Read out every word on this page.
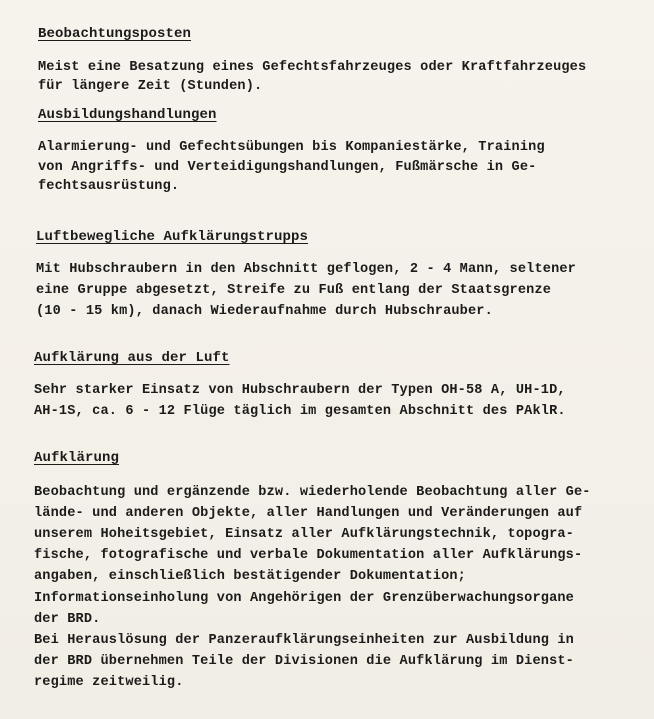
Beobachtungsposten

Meist eine Besatzung eines Gefechtsfahrzeuges oder Kraftfahrzeuges

für längere Zeit (Stunden).

Ausbildungshandlungen

Alarmierung- und Gefechtsübungen bis Kompaniestärke, Training

von Angriffs- und Verteidigungshandlungen, Fußmärsche in Ge-

fechtsausrüstung.

Luftbewegliche Aufklärungstrupps

Mit Hubschraubern in den Abschnitt geflogen, 2 - 4 Mann, seltener

eine Gruppe abgesetzt, Streife zu Fuß entlang der Staatsgrenze

(10 - 15 km), danach Wiederaufnahme durch Hubschrauber.

Aufklärung aus der Luft

Sehr starker Einsatz von Hubschraubern der Typen OH-58 A, UH-1D,

AH-1S, ca. 6 - 12 Flüge täglich im gesamten Abschnitt des PAklR.

Aufklärung

Beobachtung und ergänzende bzw. wiederholende Beobachtung aller Ge-

lände- und anderen Objekte, aller Handlungen und Veränderungen auf

unserem Hoheitsgebiet, Einsatz aller Aufklärungstechnik, topogra-

fische, fotografische und verbale Dokumentation aller Aufklärungs-

angaben, einschließlich bestätigender Dokumentation;

Informationseinholung von Angehörigen der Grenzüberwachungsorgane

der BRD.

Bei Herauslösung der Panzeraufklärungseinheiten zur Ausbildung in

der BRD übernehmen Teile der Divisionen die Aufklärung im Dienst-

regime zeitweilig.
